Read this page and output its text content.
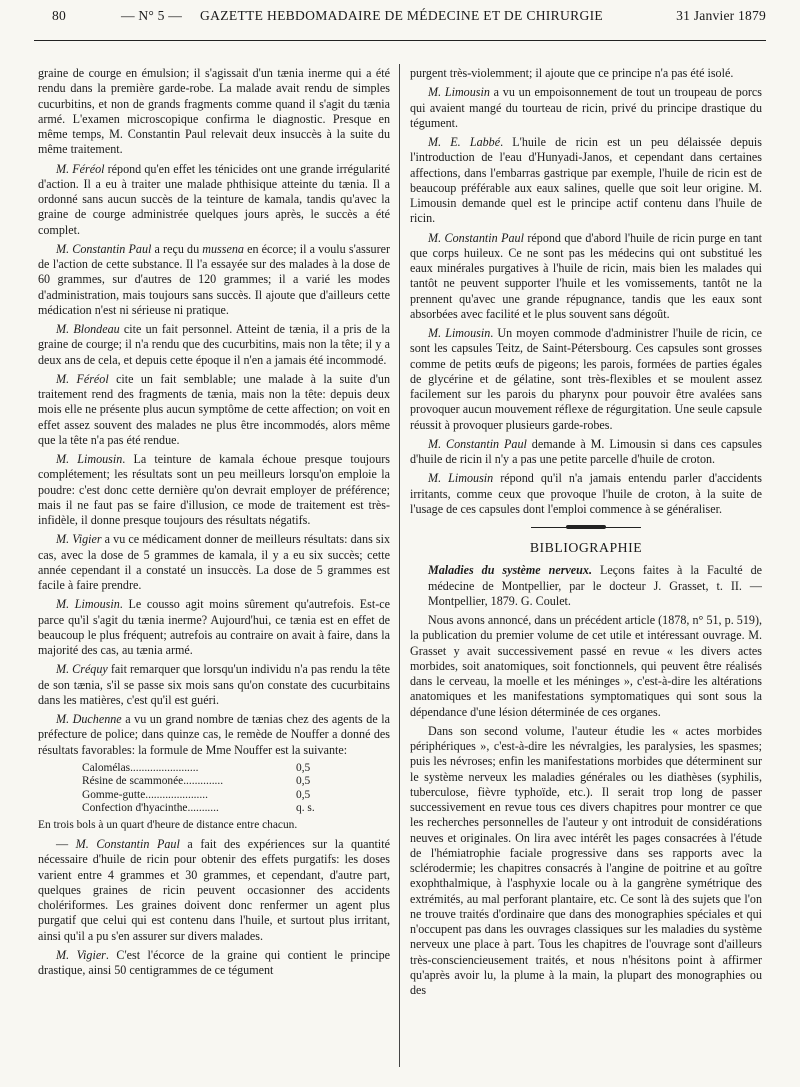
80	— N° 5 — GAZETTE HEBDOMADAIRE DE MÉDECINE ET DE CHIRURGIE	31 Janvier 1879

graine de courge en émulsion; il s'agissait d'un tænia inerme qui a été rendu dans la première garde-robe. La malade avait rendu de simples cucurbitins, et non de grands fragments comme quand il s'agit du tænia armé. L'examen microscopique confirma le diagnostic. Presque en même temps, M. Constantin Paul relevait deux insuccès à la suite du même traitement.

M. Féréol répond qu'en effet les ténicides ont une grande irrégularité d'action. Il a eu à traiter une malade phthisique atteinte du tænia. Il a ordonné sans aucun succès de la teinture de kamala, tandis qu'avec la graine de courge administrée quelques jours après, le succès a été complet.

M. Constantin Paul a reçu du mussena en écorce; il a voulu s'assurer de l'action de cette substance. Il l'a essayée sur des malades à la dose de 60 grammes, sur d'autres de 120 grammes; il a varié les modes d'administration, mais toujours sans succès. Il ajoute que d'ailleurs cette médication n'est ni sérieuse ni pratique.

M. Blondeau cite un fait personnel. Atteint de tænia, il a pris de la graine de courge; il n'a rendu que des cucurbitins, mais non la tête; il y a deux ans de cela, et depuis cette époque il n'en a jamais été incommodé.

M. Féréol cite un fait semblable; une malade à la suite d'un traitement rend des fragments de tænia, mais non la tête: depuis deux mois elle ne présente plus aucun symptôme de cette affection; on voit en effet assez souvent des malades ne plus être incommodés, alors même que la tête n'a pas été rendue.

M. Limousin. La teinture de kamala échoue presque toujours complétement; les résultats sont un peu meilleurs lorsqu'on emploie la poudre: c'est donc cette dernière qu'on devrait employer de préférence; mais il ne faut pas se faire d'illusion, ce mode de traitement est très-infidèle, il donne presque toujours des résultats négatifs.

M. Vigier a vu ce médicament donner de meilleurs résultats: dans six cas, avec la dose de 5 grammes de kamala, il y a eu six succès; cette année cependant il a constaté un insuccès. La dose de 5 grammes est facile à faire prendre.

M. Limousin. Le cousso agit moins sûrement qu'autrefois. Est-ce parce qu'il s'agit du tænia inerme? Aujourd'hui, ce tænia est en effet de beaucoup le plus fréquent; autrefois au contraire on avait à faire, dans la majorité des cas, au tænia armé.

M. Créquy fait remarquer que lorsqu'un individu n'a pas rendu la tête de son tænia, s'il se passe six mois sans qu'on constate des cucurbitains dans les matières, c'est qu'il est guéri.

M. Duchenne a vu un grand nombre de tænias chez des agents de la préfecture de police; dans quinze cas, le remède de Nouffer a donné des résultats favorables: la formule de Mme Nouffer est la suivante:

Calomélas........................	0,5
Résine de scammonée..............	0,5
Gomme-gutte......................	0,5
Confection d'hyacinthe...........	q. s.

En trois bols à un quart d'heure de distance entre chacun.

— M. Constantin Paul a fait des expériences sur la quantité nécessaire d'huile de ricin pour obtenir des effets purgatifs: les doses varient entre 4 grammes et 30 grammes, et cependant, d'autre part, quelques graines de ricin peuvent occasionner des accidents cholériformes. Les graines doivent donc renfermer un agent plus purgatif que celui qui est contenu dans l'huile, et surtout plus irritant, ainsi qu'il a pu s'en assurer sur divers malades.

M. Vigier. C'est l'écorce de la graine qui contient le principe drastique, ainsi 50 centigrammes de ce tégument

purgent très-violemment; il ajoute que ce principe n'a pas été isolé.

M. Limousin a vu un empoisonnement de tout un troupeau de porcs qui avaient mangé du tourteau de ricin, privé du principe drastique du tégument.

M. E. Labbé. L'huile de ricin est un peu délaissée depuis l'introduction de l'eau d'Hunyadi-Janos, et cependant dans certaines affections, dans l'embarras gastrique par exemple, l'huile de ricin est de beaucoup préférable aux eaux salines, quelle que soit leur origine. M. Limousin demande quel est le principe actif contenu dans l'huile de ricin.

M. Constantin Paul répond que d'abord l'huile de ricin purge en tant que corps huileux. Ce ne sont pas les médecins qui ont substitué les eaux minérales purgatives à l'huile de ricin, mais bien les malades qui tantôt ne peuvent supporter l'huile et les vomissements, tantôt ne la prennent qu'avec une grande répugnance, tandis que les eaux sont absorbées avec facilité et le plus souvent sans dégoût.

M. Limousin. Un moyen commode d'administrer l'huile de ricin, ce sont les capsules Teitz, de Saint-Pétersbourg. Ces capsules sont grosses comme de petits œufs de pigeons; les parois, formées de parties égales de glycérine et de gélatine, sont très-flexibles et se moulent assez facilement sur les parois du pharynx pour pouvoir être avalées sans provoquer aucun mouvement réflexe de régurgitation. Une seule capsule réussit à provoquer plusieurs garde-robes.

M. Constantin Paul demande à M. Limousin si dans ces capsules d'huile de ricin il n'y a pas une petite parcelle d'huile de croton.

M. Limousin répond qu'il n'a jamais entendu parler d'accidents irritants, comme ceux que provoque l'huile de croton, à la suite de l'usage de ces capsules dont l'emploi commence à se généraliser.

BIBLIOGRAPHIE

Maladies du système nerveux. Leçons faites à la Faculté de médecine de Montpellier, par le docteur J. Grasset, t. II. — Montpellier, 1879. G. Coulet.

Nous avons annoncé, dans un précédent article (1878, n° 51, p. 519), la publication du premier volume de cet utile et intéressant ouvrage. M. Grasset y avait successivement passé en revue « les divers actes morbides, soit anatomiques, soit fonctionnels, qui peuvent être réalisés dans le cerveau, la moelle et les méninges », c'est-à-dire les altérations anatomiques et les manifestations symptomatiques qui sont sous la dépendance d'une lésion déterminée de ces organes.

Dans son second volume, l'auteur étudie les « actes morbides périphériques », c'est-à-dire les névralgies, les paralysies, les spasmes; puis les névroses; enfin les manifestations morbides que déterminent sur le système nerveux les maladies générales ou les diathèses (syphilis, tuberculose, fièvre typhoïde, etc.). Il serait trop long de passer successivement en revue tous ces divers chapitres pour montrer ce que les recherches personnelles de l'auteur y ont introduit de considérations neuves et originales. On lira avec intérêt les pages consacrées à l'étude de l'hémiatrophie faciale progressive dans ses rapports avec la sclérodermie; les chapitres consacrés à l'angine de poitrine et au goître exophthalmique, à l'asphyxie locale ou à la gangrène symétrique des extrémités, au mal perforant plantaire, etc. Ce sont là des sujets que l'on ne trouve traités d'ordinaire que dans des monographies spéciales et qui n'occupent pas dans les ouvrages classiques sur les maladies du système nerveux une place à part. Tous les chapitres de l'ouvrage sont d'ailleurs très-consciencieusement traités, et nous n'hésitons point à affirmer qu'après avoir lu, la plume à la main, la plupart des monographies ou des
